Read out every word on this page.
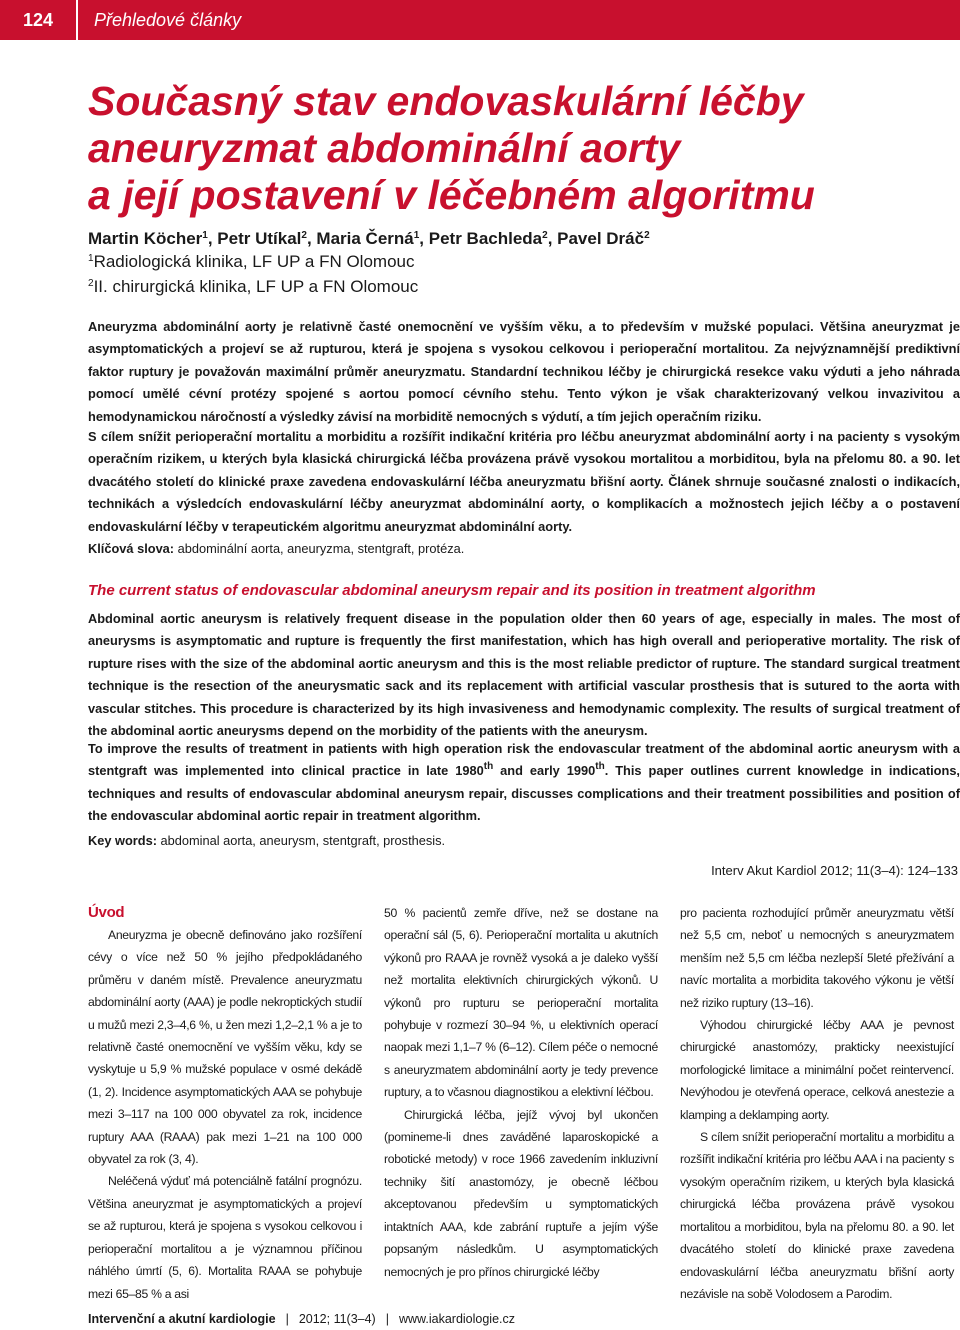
124	Přehledové články
Současný stav endovaskulární léčby
aneuryzmat abdominální aorty
a její postavení v léčebném algoritmu
Martin Köcher$^1$, Petr Utíkal$^2$, Maria Černá$^1$, Petr Bachleda$^2$, Pavel Dráč$^2$
$^1$Radiologická klinika, LF UP a FN Olomouc
$^2$II. chirurgická klinika, LF UP a FN Olomouc

Aneuryzma abdominální aorty je relativně časté onemocnění ve vyšším věku, a to především v mužské populaci. Většina aneuryzmat je asymptomatických a projeví se až rupturou, která je spojena s vysokou celkovou i perioperační mortalitou. Za nejvýznamnější prediktivní faktor ruptury je považován maximální průměr aneuryzmatu. Standardní technikou léčby je chirurgická resekce vaku výduti a jeho náhrada pomocí umělé cévní protézy spojené s aortou pomocí cévního stehu. Tento výkon je však charakterizovaný velkou invazivitou a hemodynamickou náročností a výsledky závisí na morbiditě nemocných s výdutí, a tím jejich operačním riziku.

S cílem snížit perioperační mortalitu a morbiditu a rozšířit indikační kritéria pro léčbu aneuryzmat abdominální aorty i na pacienty s vysokým operačním rizikem, u kterých byla klasická chirurgická léčba provázena právě vysokou mortalitou a morbiditou, byla na přelomu 80. a 90. let dvacátého století do klinické praxe zavedena endovaskulární léčba aneuryzmatu břišní aorty. Článek shrnuje současné znalosti o indikacích, technikách a výsledcích endovaskulární léčby aneuryzmat abdominální aorty, o komplikacích a možnostech jejich léčby a o postavení endovaskulární léčby v terapeutickém algoritmu aneuryzmat abdominální aorty.

Klíčová slova: abdominální aorta, aneuryzma, stentgraft, protéza.
The current status of endovascular abdominal aneurysm repair and its position in treatment algorithm

Abdominal aortic aneurysm is relatively frequent disease in the population older then 60 years of age, especially in males. The most of aneurysms is asymptomatic and rupture is frequently the first manifestation, which has high overall and perioperative mortality. The risk of rupture rises with the size of the abdominal aortic aneurysm and this is the most reliable predictor of rupture. The standard surgical treatment technique is the resection of the aneurysmatic sack and its replacement with artificial vascular prosthesis that is sutured to the aorta with vascular stitches. This procedure is characterized by its high invasiveness and hemodynamic complexity. The results of surgical treatment of the abdominal aortic aneurysms depend on the morbidity of the patients with the aneurysm.

To improve the results of treatment in patients with high operation risk the endovascular treatment of the abdominal aortic aneurysm with a stentgraft was implemented into clinical practice in late 1980th and early 1990th. This paper outlines current knowledge in indications, techniques and results of endovascular abdominal aneurysm repair, discusses complications and their treatment possibilities and position of the endovascular abdominal aortic repair in treatment algorithm.

Key words: abdominal aorta, aneurysm, stentgraft, prosthesis.
Interv Akut Kardiol 2012; 11(3–4): 124–133
Úvod

Aneuryzma je obecně definováno jako rozšíření cévy o více než 50 % jejího předpokládaného průměru v daném místě. Prevalence aneuryzmatu abdominální aorty (AAA) je podle nekroptických studií u mužů mezi 2,3–4,6 %, u žen mezi 1,2–2,1 % a je to relativně časté onemocnění ve vyšším věku, kdy se vyskytuje u 5,9 % mužské populace v osmé dekádě (1, 2). Incidence asymptomatických AAA se pohybuje mezi 3–117 na 100 000 obyvatel za rok, incidence ruptury AAA (RAAA) pak mezi 1–21 na 100 000 obyvatel za rok (3, 4).

Neléčená výduť má potenciálně fatální prognózu. Většina aneuryzmat je asymptomatických a projeví se až rupturou, která je spojena s vysokou celkovou i perioperační mortalitou a je významnou příčinou náhlého úmrtí (5, 6). Mortalita RAAA se pohybuje mezi 65–85 % a asi

50 % pacientů zemře dříve, než se dostane na operační sál (5, 6). Perioperační mortalita u akutních výkonů pro RAAA je rovněž vysoká a je daleko vyšší než mortalita elektivních chirurgických výkonů. U výkonů pro rupturu se perioperační mortalita pohybuje v rozmezí 30–94 %, u elektivních operací naopak mezi 1,1–7 % (6–12). Cílem péče o nemocné s aneuryzmatem abdominální aorty je tedy prevence ruptury, a to včasnou diagnostikou a elektivní léčbou.

Chirurgická léčba, jejíž vývoj byl ukončen (pomineme-li dnes zaváděné laparoskopické a robotické metody) v roce 1966 zavedením inkluzivní techniky šití anastomózy, je obecně léčbou akceptovanou především u symptomatických intaktních AAA, kde zabrání ruptuře a jejím výše popsaným následkům. U asymptomatických nemocných je pro přínos chirurgické léčby

pro pacienta rozhodující průměr aneuryzmatu větší než 5,5 cm, neboť u nemocných s aneuryzmatem menším než 5,5 cm léčba nezlepší 5leté přežívání a navíc mortalita a morbidita takového výkonu je větší než riziko ruptury (13–16).

Výhodou chirurgické léčby AAA je pevnost chirurgické anastomózy, prakticky neexistující morfologické limitace a minimální počet reintervencí. Nevýhodou je otevřená operace, celková anestezie a klamping a deklamping aorty.

S cílem snížit perioperační mortalitu a morbiditu a rozšířit indikační kritéria pro léčbu AAA i na pacienty s vysokým operačním rizikem, u kterých byla klasická chirurgická léčba provázena právě vysokou mortalitou a morbiditou, byla na přelomu 80. a 90. let dvacátého století do klinické praxe zavedena endovaskulární léčba aneuryzmatu břišní aorty nezávisle na sobě Volodosem a Parodim.

Intervenční a akutní kardiologie | 2012; 11(3–4) | www.iakardiologie.cz
